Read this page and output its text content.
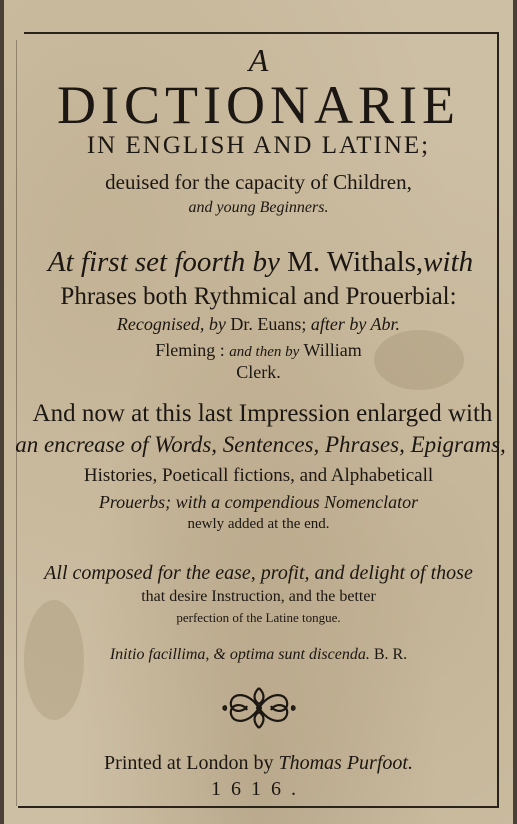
A
DICTIONARIE
IN ENGLISH AND LATINE;
deuised for the capacity of Children,
and young Beginners.
At first set foorth by M. Withals,with
Phrases both Rythmical and Prouerbial:
Recognised, by Dr. Euans; after by Abr.
Fleming : and then by William
Clerk.
And now at this last Impression enlarged with
an encrease of Words, Sentences, Phrases, Epigrams,
Histories, Poeticall fictions, and Alphabeticall
Prouerbs; with a compendious Nomenclator
newly added at the end.
All composed for the ease, profit, and delight of those
that desire Instruction, and the better
perfection of the Latine tongue.
Initio facillima, & optima sunt discenda. B. R.
Printed at London by Thomas Purfoot.
1616.
